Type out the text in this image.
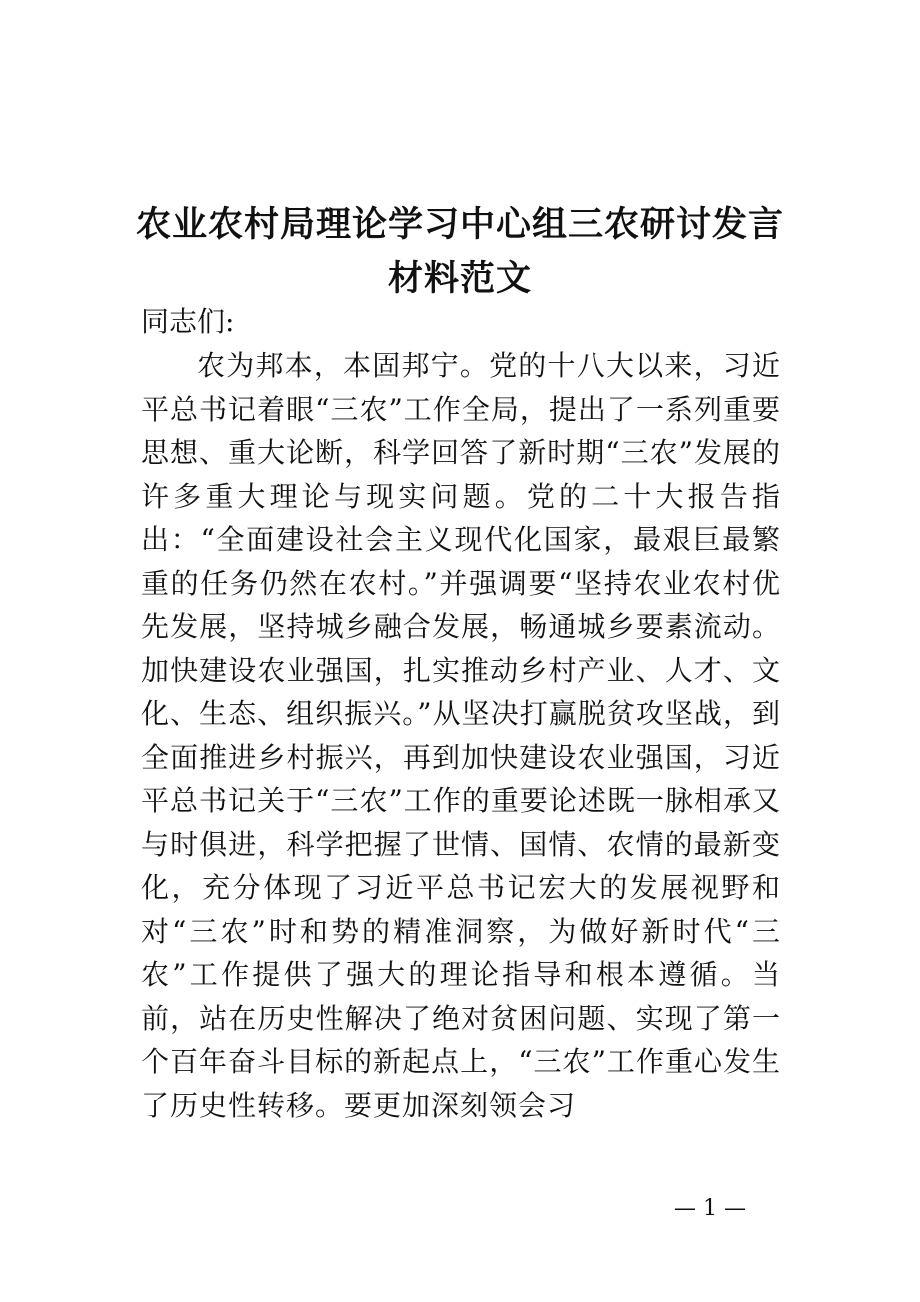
农业农村局理论学习中心组三农研讨发言
材料范文

同志们:

农为邦本，本固邦宁。党的十八大以来，习近平总书记着眼“三农”工作全局，提出了一系列重要思想、重大论断，科学回答了新时期“三农”发展的许多重大理论与现实问题。党的二十大报告指出：“全面建设社会主义现代化国家，最艰巨最繁重的任务仍然在农村。”并强调要“坚持农业农村优先发展，坚持城乡融合发展，畅通城乡要素流动。加快建设农业强国，扎实推动乡村产业、人才、文化、生态、组织振兴。”从坚决打赢脱贫攻坚战，到全面推进乡村振兴，再到加快建设农业强国，习近平总书记关于“三农”工作的重要论述既一脉相承又与时俱进，科学把握了世情、国情、农情的最新变化，充分体现了习近平总书记宏大的发展视野和对“三农”时和势的精准洞察，为做好新时代“三农”工作提供了强大的理论指导和根本遵循。当前，站在历史性解决了绝对贫困问题、实现了第一个百年奋斗目标的新起点上，“三农”工作重心发生了历史性转移。要更加深刻领会习

— 1 —
